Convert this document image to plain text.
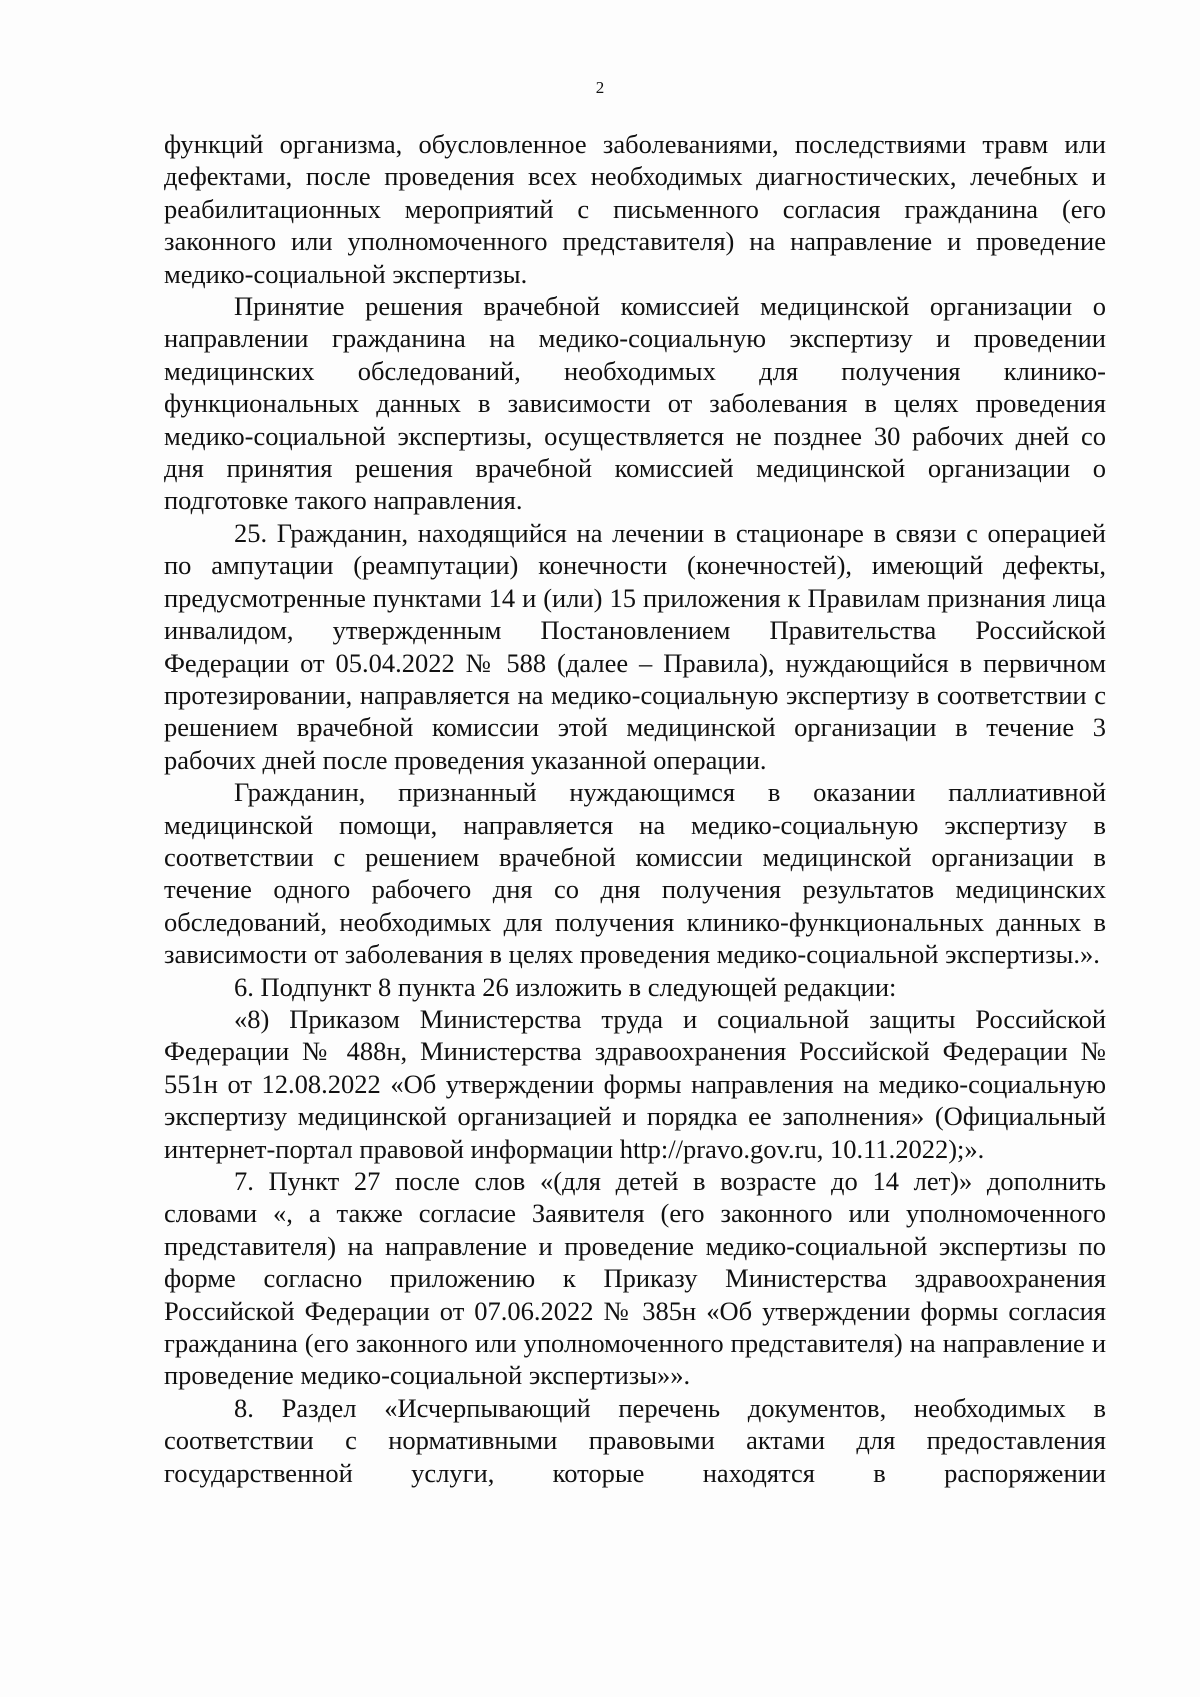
2

функций организма, обусловленное заболеваниями, последствиями травм или дефектами, после проведения всех необходимых диагностических, лечебных и реабилитационных мероприятий с письменного согласия гражданина (его законного или уполномоченного представителя) на направление и проведение медико-социальной экспертизы.

Принятие решения врачебной комиссией медицинской организации о направлении гражданина на медико-социальную экспертизу и проведении медицинских обследований, необходимых для получения клинико-функциональных данных в зависимости от заболевания в целях проведения медико-социальной экспертизы, осуществляется не позднее 30 рабочих дней со дня принятия решения врачебной комиссией медицинской организации о подготовке такого направления.

25. Гражданин, находящийся на лечении в стационаре в связи с операцией по ампутации (реампутации) конечности (конечностей), имеющий дефекты, предусмотренные пунктами 14 и (или) 15 приложения к Правилам признания лица инвалидом, утвержденным Постановлением Правительства Российской Федерации от 05.04.2022 № 588 (далее – Правила), нуждающийся в первичном протезировании, направляется на медико-социальную экспертизу в соответствии с решением врачебной комиссии этой медицинской организации в течение 3 рабочих дней после проведения указанной операции.

Гражданин, признанный нуждающимся в оказании паллиативной медицинской помощи, направляется на медико-социальную экспертизу в соответствии с решением врачебной комиссии медицинской организации в течение одного рабочего дня со дня получения результатов медицинских обследований, необходимых для получения клинико-функциональных данных в зависимости от заболевания в целях проведения медико-социальной экспертизы.».

6. Подпункт 8 пункта 26 изложить в следующей редакции:

«8) Приказом Министерства труда и социальной защиты Российской Федерации № 488н, Министерства здравоохранения Российской Федерации № 551н от 12.08.2022 «Об утверждении формы направления на медико-социальную экспертизу медицинской организацией и порядка ее заполнения» (Официальный интернет-портал правовой информации http://pravo.gov.ru, 10.11.2022);».

7. Пункт 27 после слов «(для детей в возрасте до 14 лет)» дополнить словами «, а также согласие Заявителя (его законного или уполномоченного представителя) на направление и проведение медико-социальной экспертизы по форме согласно приложению к Приказу Министерства здравоохранения Российской Федерации от 07.06.2022 № 385н «Об утверждении формы согласия гражданина (его законного или уполномоченного представителя) на направление и проведение медико-социальной экспертизы»».

8. Раздел «Исчерпывающий перечень документов, необходимых в соответствии с нормативными правовыми актами для предоставления государственной услуги, которые находятся в распоряжении
